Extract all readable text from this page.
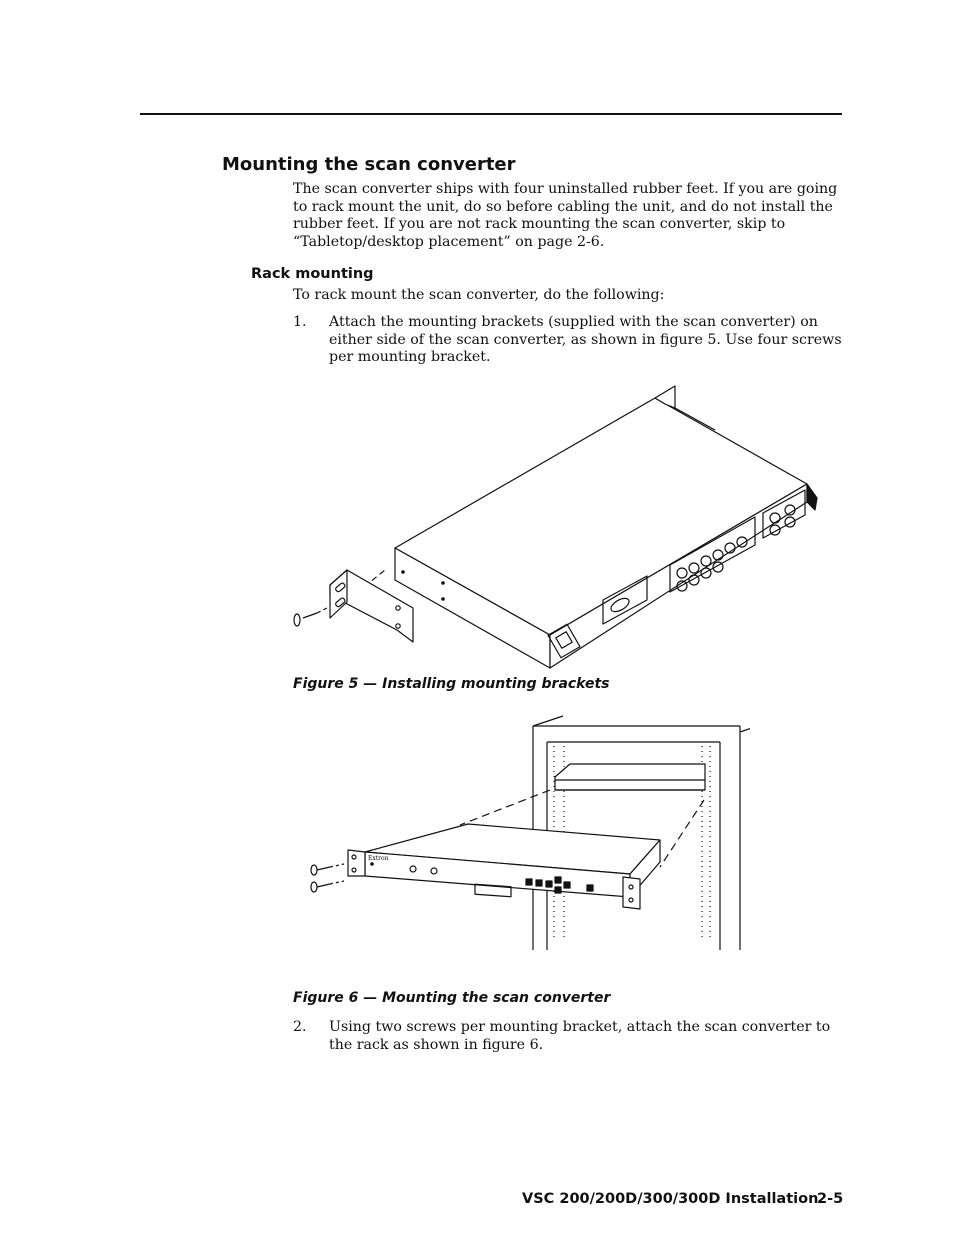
Mounting the scan converter

The scan converter ships with four uninstalled rubber feet. If you are going to rack mount the unit, do so before cabling the unit, and do not install the rubber feet. If you are not rack mounting the scan converter, skip to “Tabletop/desktop placement” on page 2-6.

Rack mounting

To rack mount the scan converter, do the following:

1. Attach the mounting brackets (supplied with the scan converter) on either side of the scan converter, as shown in figure 5. Use four screws per mounting bracket.

Figure 5 — Installing mounting brackets

Extron

Figure 6 — Mounting the scan converter

2. Using two screws per mounting bracket, attach the scan converter to the rack as shown in figure 6.
VSC 200/200D/300/300D Installation
2-5
